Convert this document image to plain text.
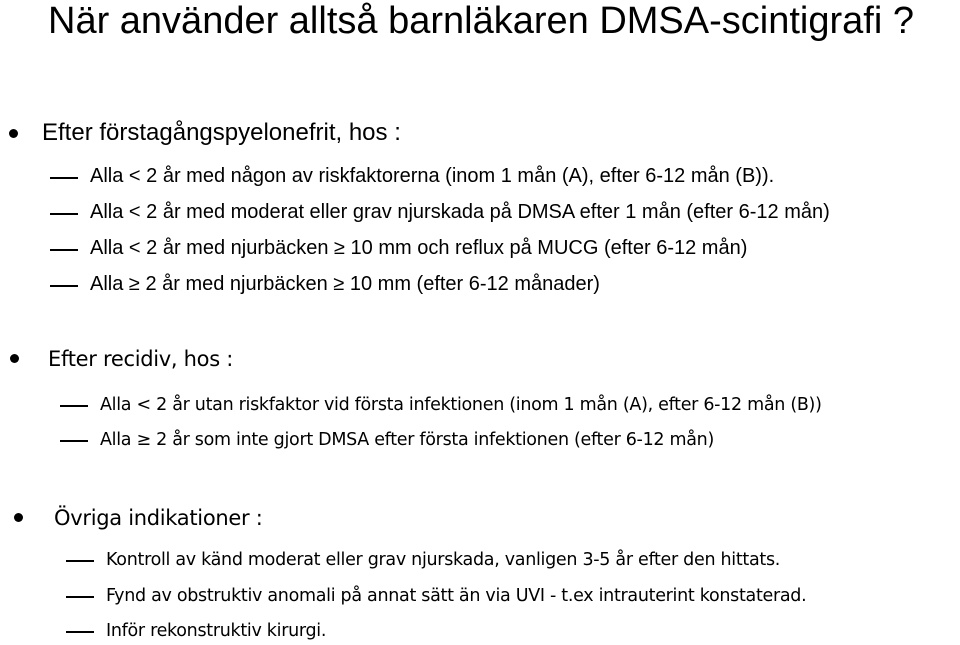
När använder alltså barnläkaren DMSA-scintigrafi ?
Efter förstagångspyelonefrit, hos :
Alla < 2 år med någon av riskfaktorerna (inom 1 mån (A), efter 6-12 mån (B)).
Alla < 2 år med moderat eller grav njurskada på DMSA efter 1 mån (efter 6-12 mån)
Alla < 2 år med njurbäcken ≥ 10 mm och reflux på MUCG (efter 6-12 mån)
Alla ≥ 2 år med njurbäcken ≥ 10 mm (efter 6-12 månader)
Efter recidiv, hos :
Alla < 2 år utan riskfaktor vid första infektionen (inom 1 mån (A), efter 6-12 mån (B))
Alla ≥ 2 år som inte gjort DMSA efter första infektionen (efter 6-12 mån)
Övriga indikationer :
Kontroll av känd moderat eller grav njurskada, vanligen 3-5 år efter den hittats.
Fynd av obstruktiv anomali på annat sätt än via UVI - t.ex intrauterint konstaterad.
Inför rekonstruktiv kirurgi.
